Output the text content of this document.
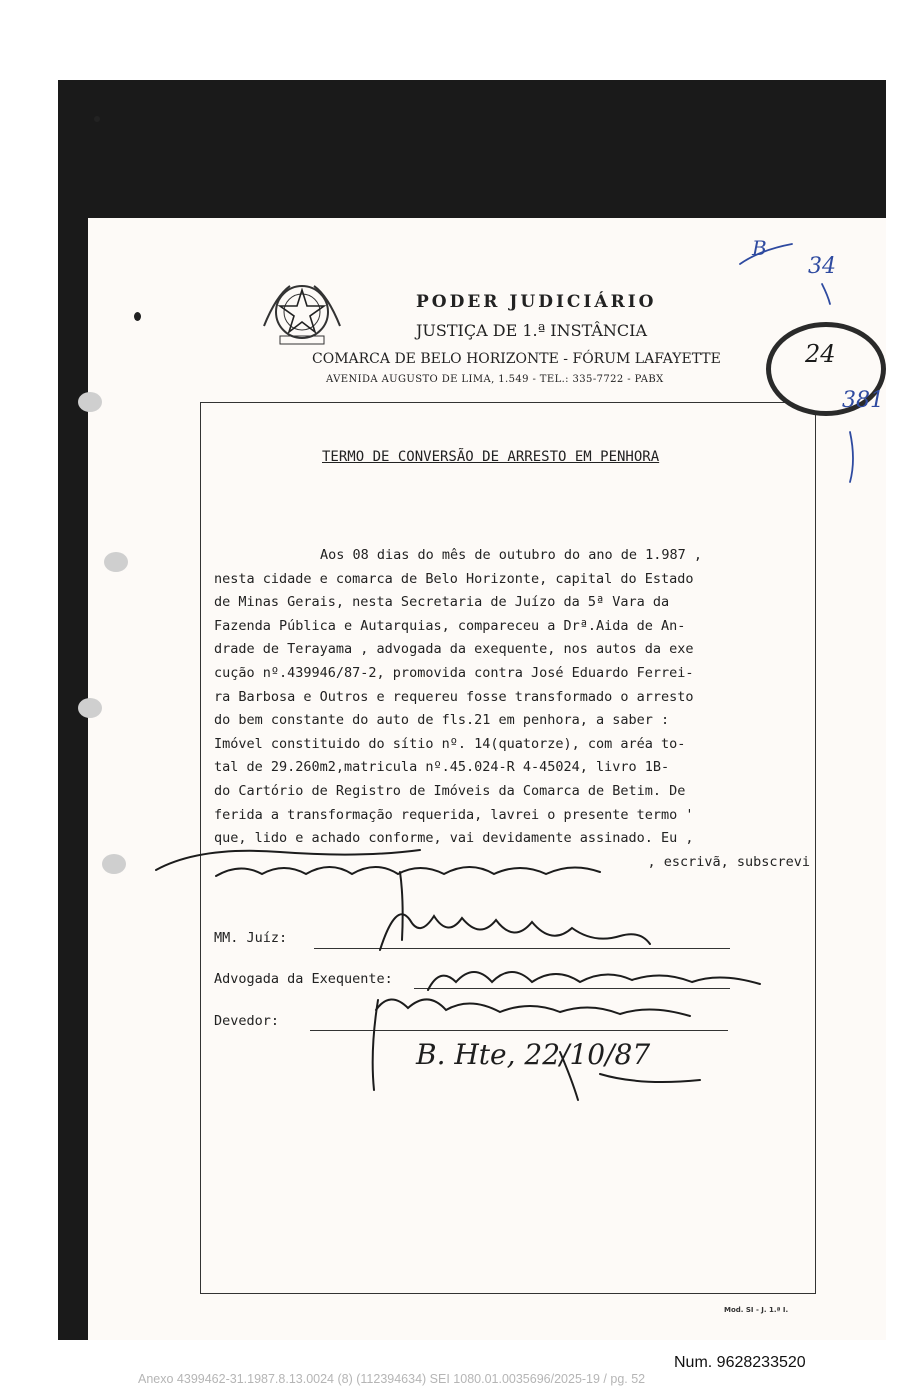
PODER JUDICIÁRIO
JUSTIÇA DE 1.ª INSTÂNCIA
COMARCA DE BELO HORIZONTE - FÓRUM LAFAYETTE
AVENIDA AUGUSTO DE LIMA, 1.549 - TEL.: 335-7722 - PABX
TERMO DE CONVERSÃO DE ARRESTO EM PENHORA
Aos 08 dias do mês de outubro do ano de 1.987 ,
nesta cidade e comarca de Belo Horizonte, capital do Estado
de Minas Gerais, nesta Secretaria de Juízo da 5ª Vara da
Fazenda Pública e Autarquias, compareceu a Drª.Aida de An-
drade de Terayama , advogada da exequente, nos autos da exe
cução nº.439946/87-2, promovida contra José Eduardo Ferrei-
ra Barbosa e Outros e requereu fosse transformado o arresto
do bem constante do auto de fls.21 em penhora, a saber :
Imóvel constituido do sítio nº. 14(quatorze), com aréa to-
tal de 29.260m2,matricula nº.45.024-R 4-45024, livro 1B-
do Cartório de Registro de Imóveis da Comarca de Betim. De
ferida a transformação requerida, lavrei o presente termo '
que, lido e achado conforme, vai devidamente assinado. Eu ,
, escrivã, subscrevi
MM. Juíz:
Advogada da Exequente:
Devedor:
B. Hte, 22/10/87
24
B
34
381
Mod. SI - J. 1.ª I.
Num. 9628233520
Anexo 4399462-31.1987.8.13.0024 (8) (112394634) SEI 1080.01.0035696/2025-19 / pg. 52
